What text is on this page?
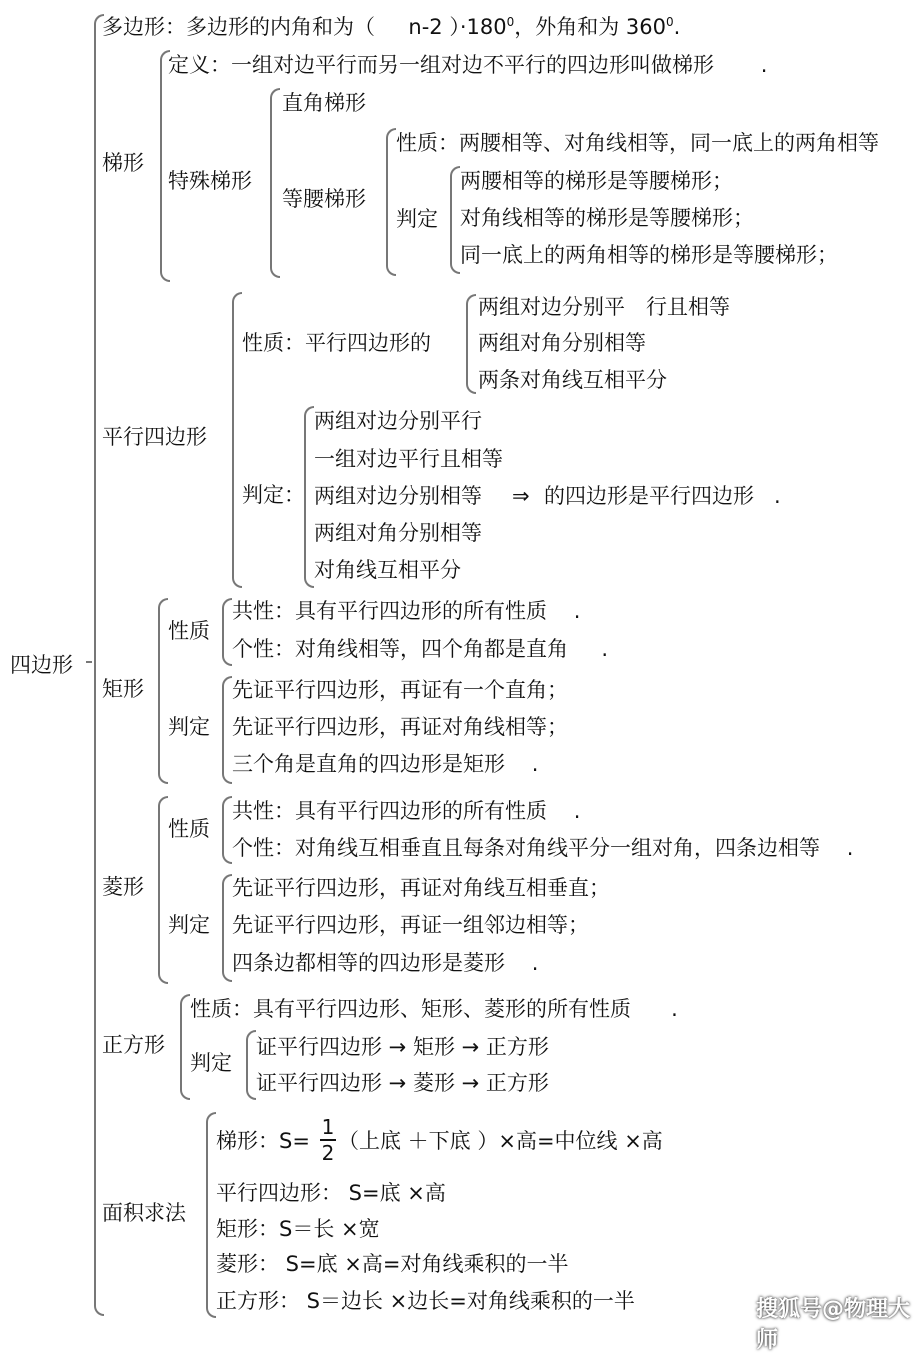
四边形
多边形：多边形的内角和为（ n-2 ）$\cdot 180^0$，外角和为 $360^0$.
梯形
定义：一组对边平行而另一组对边不平行的四边形叫做梯形 .
特殊梯形
直角梯形
等腰梯形
性质：两腰相等、对角线相等，同一底上的两角相等
判定
两腰相等的梯形是等腰梯形；
对角线相等的梯形是等腰梯形；
同一底上的两角相等的梯形是等腰梯形；
平行四边形
性质：平行四边形的
两组对边分别平　行且相等
两组对角分别相等
两条对角线互相平分
判定：
两组对边分别平行
一组对边平行且相等
两组对边分别相等
两组对角分别相等
对角线互相平分
⇒ 的四边形是平行四边形 .
矩形
性质
共性：具有平行四边形的所有性质 .
个性：对角线相等，四个角都是直角 .
判定
先证平行四边形，再证有一个直角；
先证平行四边形，再证对角线相等；
三个角是直角的四边形是矩形 .
菱形
性质
共性：具有平行四边形的所有性质 .
个性：对角线互相垂直且每条对角线平分一组对角，四条边相等 .
判定
先证平行四边形，再证对角线互相垂直；
先证平行四边形，再证一组邻边相等；
四条边都相等的四边形是菱形 .
正方形
性质：具有平行四边形、矩形、菱形的所有性质 .
判定
证平行四边形 → 矩形 → 正方形
证平行四边形 → 菱形 → 正方形
面积求法
梯形：S=
1
2 （上底 ＋下底 ）×高=中位线 ×高
平行四边形： S=底 ×高
矩形：S＝长 ×宽
菱形： S=底 ×高=对角线乘积的一半
正方形： S＝边长 ×边长=对角线乘积的一半	搜狐号@物理大师
